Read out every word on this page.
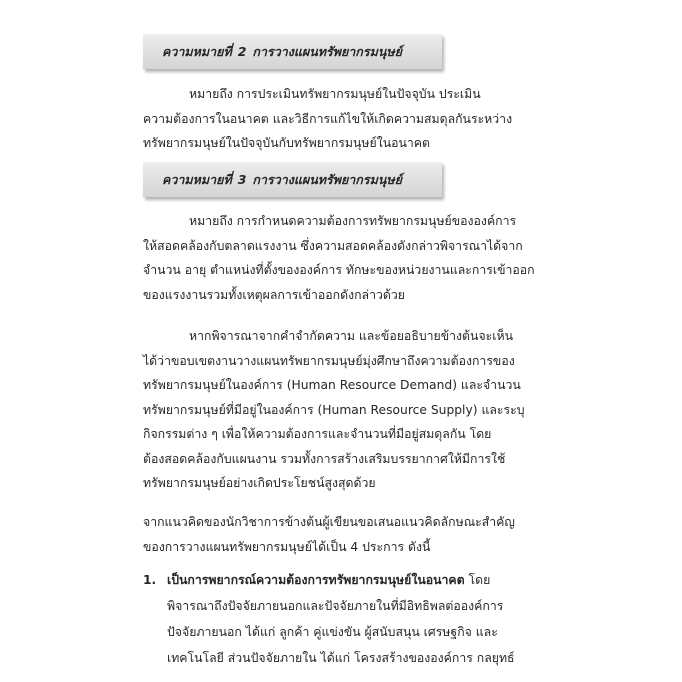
ความหมายที่ 2 การวางแผนทรัพยากรมนุษย์
หมายถึง การประเมินทรัพยากรมนุษย์ในปัจจุบัน ประเมิน
ความต้องการในอนาคต และวิธีการแก้ไขให้เกิดความสมดุลกันระหว่าง
ทรัพยากรมนุษย์ในปัจจุบันกับทรัพยากรมนุษย์ในอนาคต
ความหมายที่ 3 การวางแผนทรัพยากรมนุษย์
หมายถึง การกำหนดความต้องการทรัพยากรมนุษย์ขององค์การ
ให้สอดคล้องกับตลาดแรงงาน ซึ่งความสอดคล้องดังกล่าวพิจารณาได้จาก
จำนวน อายุ ตำแหน่งที่ตั้งขององค์การ ทักษะของหน่วยงานและการเข้าออก
ของแรงงานรวมทั้งเหตุผลการเข้าออกดังกล่าวด้วย
หากพิจารณาจากคำจำกัดความ และข้อยอธิบายข้างต้นจะเห็น
ได้ว่าขอบเขตงานวางแผนทรัพยากรมนุษย์มุ่งศึกษาถึงความต้องการของ
ทรัพยากรมนุษย์ในองค์การ (Human Resource Demand) และจำนวน
ทรัพยากรมนุษย์ที่มีอยู่ในองค์การ (Human Resource Supply) และระบุ
กิจกรรมต่าง ๆ เพื่อให้ความต้องการและจำนวนที่มีอยู่สมดุลกัน โดย
ต้องสอดคล้องกับแผนงาน รวมทั้งการสร้างเสริมบรรยากาศให้มีการใช้
ทรัพยากรมนุษย์อย่างเกิดประโยชน์สูงสุดด้วย
จากแนวคิดของนักวิชาการข้างต้นผู้เขียนขอเสนอแนวคิดลักษณะสำคัญ
ของการวางแผนทรัพยากรมนุษย์ได้เป็น 4 ประการ ดังนี้
1. เป็นการพยากรณ์ความต้องการทรัพยากรมนุษย์ในอนาคต โดย
พิจารณาถึงปัจจัยภายนอกและปัจจัยภายในที่มีอิทธิพลต่อองค์การ
ปัจจัยภายนอก ได้แก่ ลูกค้า คู่แข่งขัน ผู้สนับสนุน เศรษฐกิจ และ
เทคโนโลยี ส่วนปัจจัยภายใน ได้แก่ โครงสร้างขององค์การ กลยุทธ์
